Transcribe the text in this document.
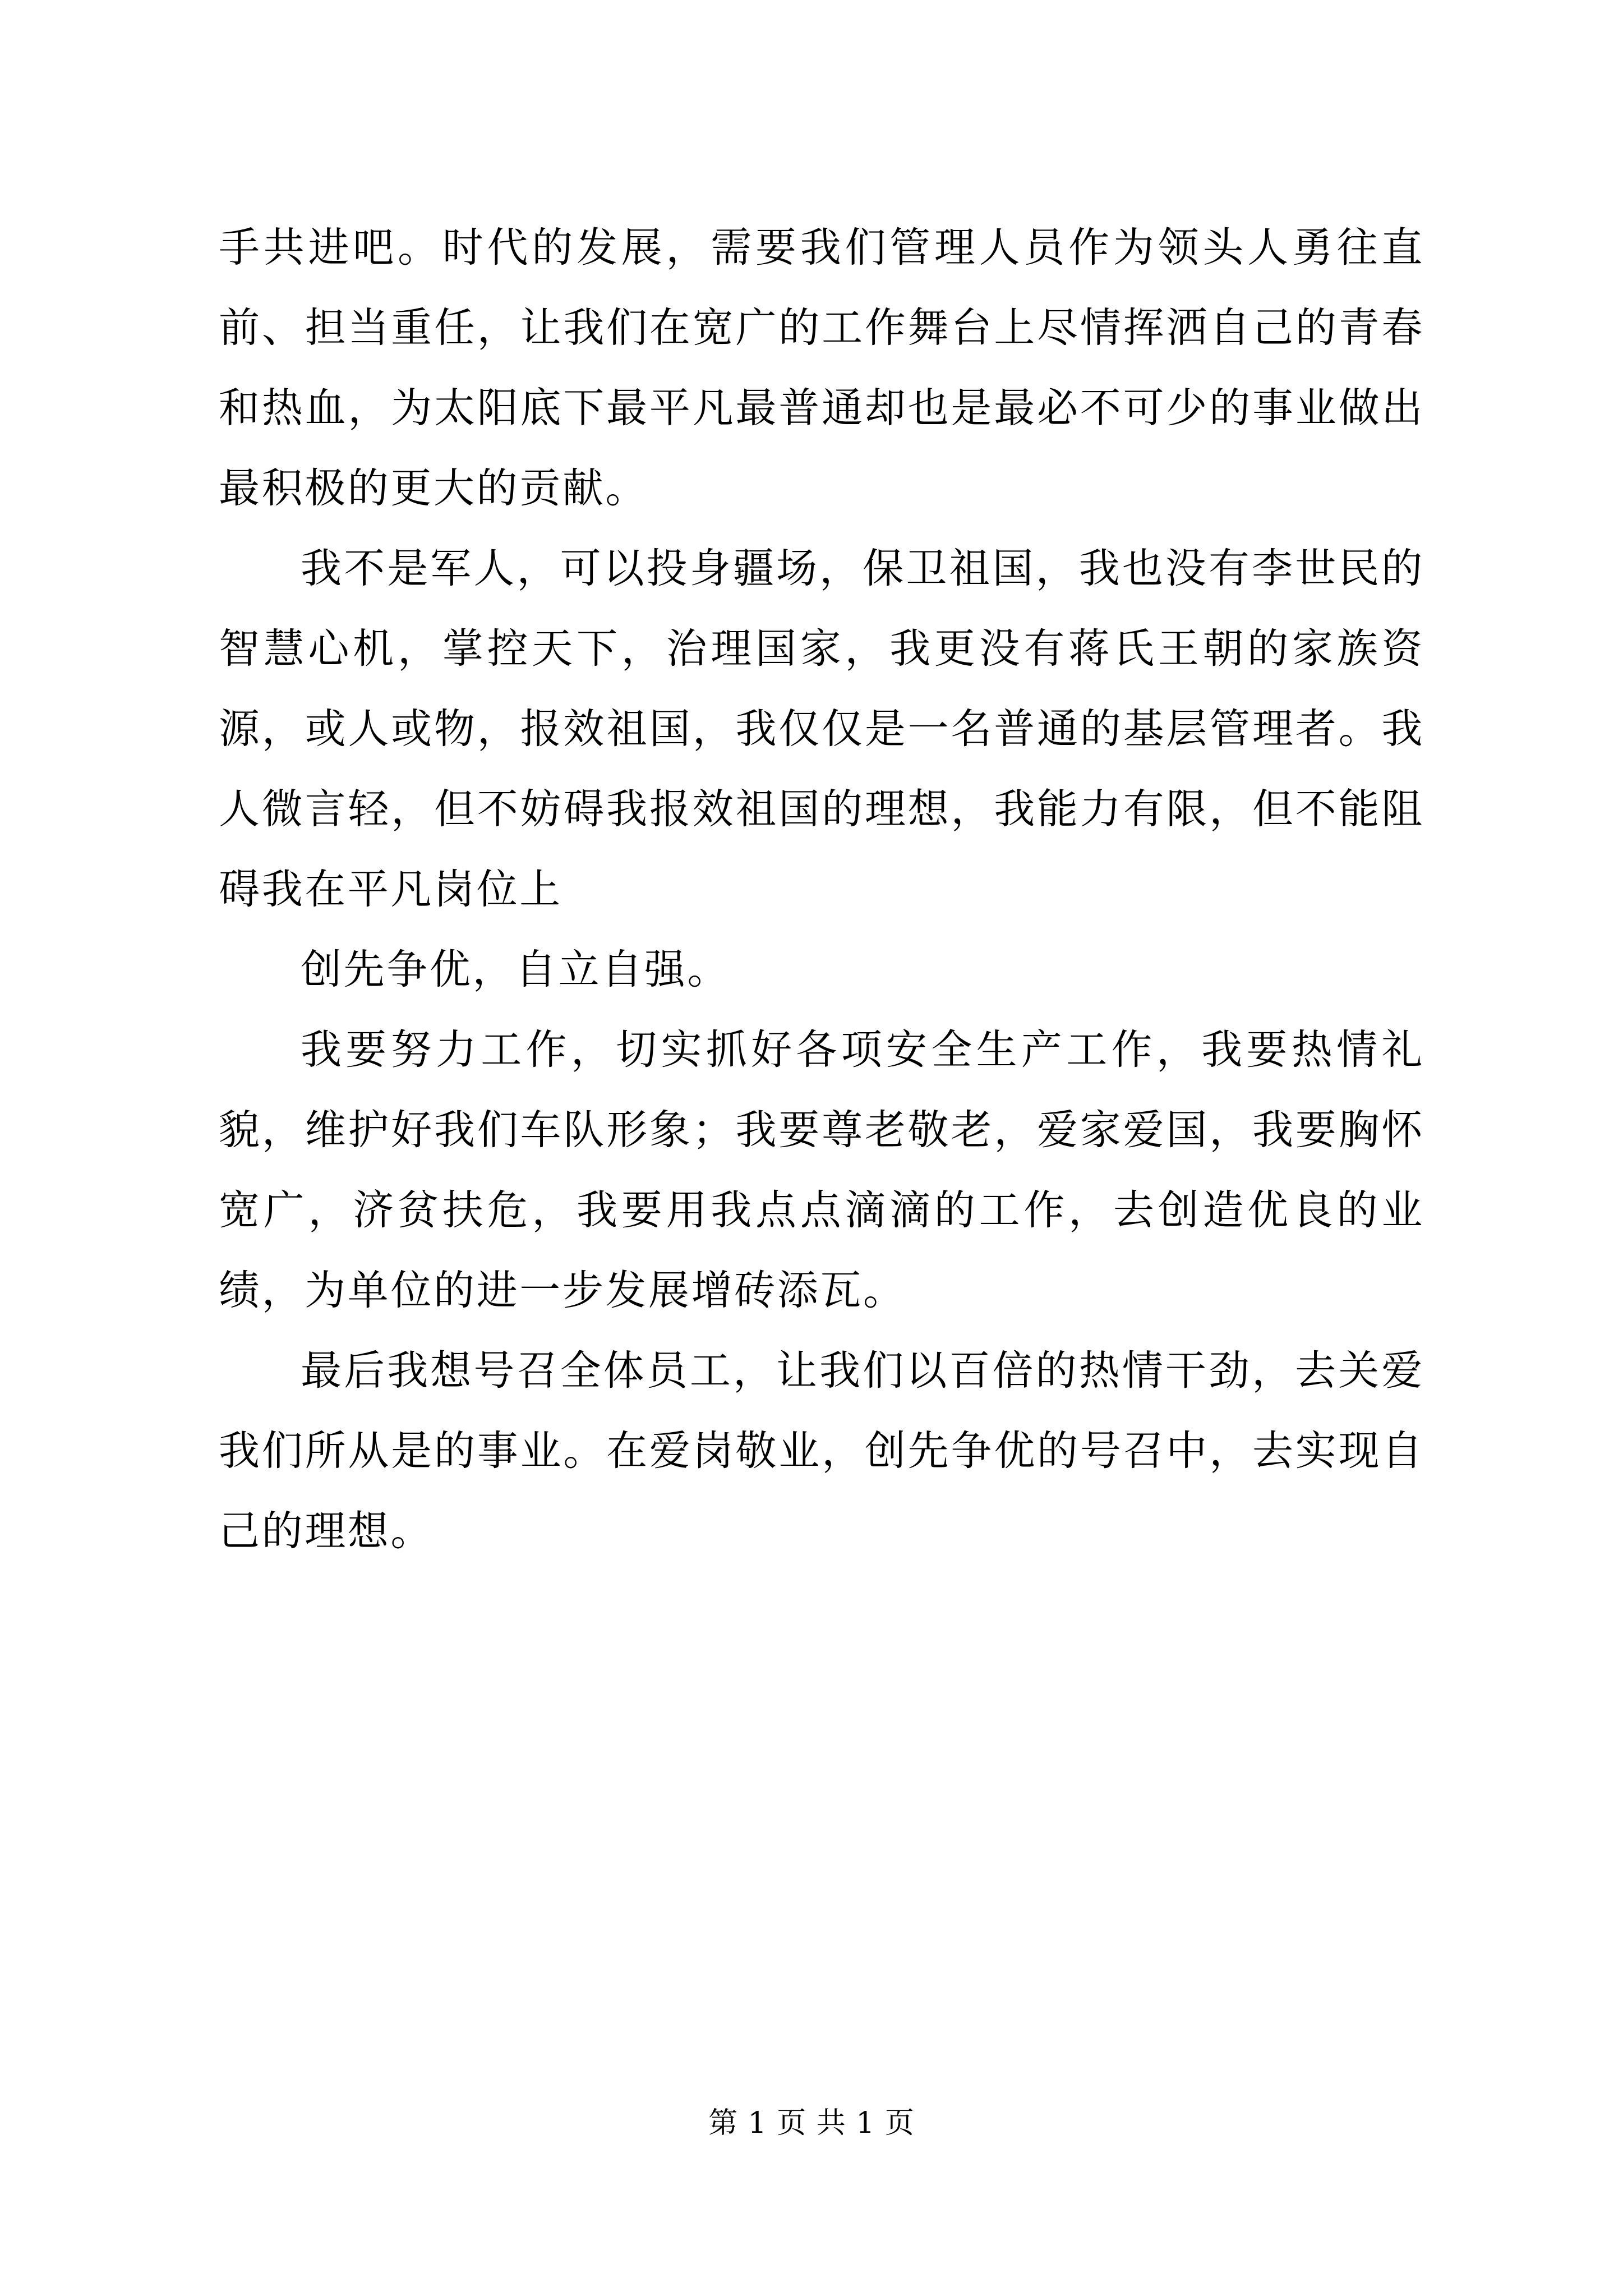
手共进吧。时代的发展，需要我们管理人员作为领头人勇往直前、担当重任，让我们在宽广的工作舞台上尽情挥洒自己的青春和热血，为太阳底下最平凡最普通却也是最必不可少的事业做出最积极的更大的贡献。

我不是军人，可以投身疆场，保卫祖国，我也没有李世民的智慧心机，掌控天下，治理国家，我更没有蒋氏王朝的家族资源，或人或物，报效祖国，我仅仅是一名普通的基层管理者。我人微言轻，但不妨碍我报效祖国的理想，我能力有限，但不能阻碍我在平凡岗位上

创先争优，自立自强。

我要努力工作，切实抓好各项安全生产工作，我要热情礼貌，维护好我们车队形象；我要尊老敬老，爱家爱国，我要胸怀宽广，济贫扶危，我要用我点点滴滴的工作，去创造优良的业绩，为单位的进一步发展增砖添瓦。

最后我想号召全体员工，让我们以百倍的热情干劲，去关爱我们所从是的事业。在爱岗敬业，创先争优的号召中，去实现自己的理想。

第 1 页 共 1 页
